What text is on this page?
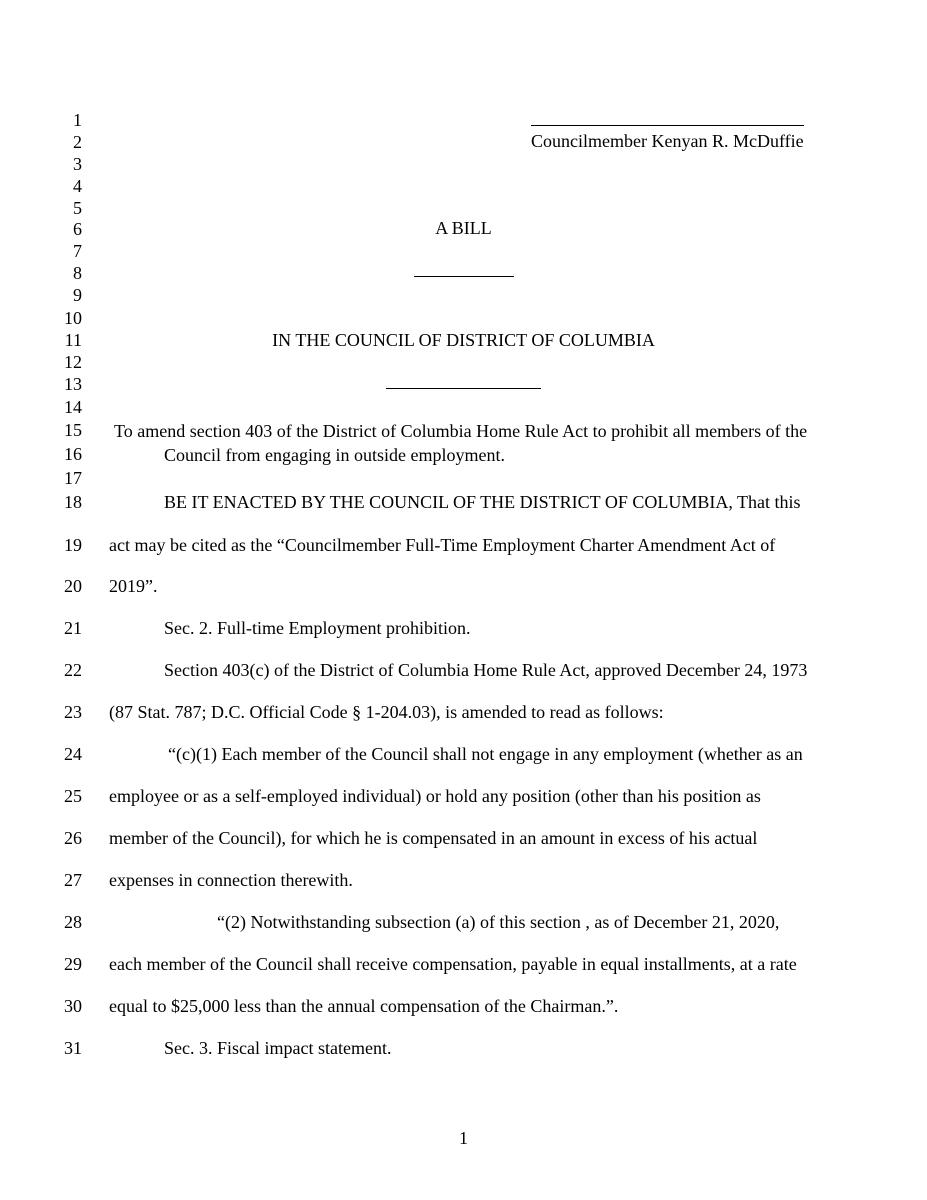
1
2
3
4
5
6
7
8
9
10
11
12
13
14
15
16
17
18
19
20
21
22
23
24
25
26
27
28
29
30
31
Councilmember Kenyan R. McDuffie
A BILL
IN THE COUNCIL OF DISTRICT OF COLUMBIA
To amend section 403 of the District of Columbia Home Rule Act to prohibit all members of the
Council from engaging in outside employment.
BE IT ENACTED BY THE COUNCIL OF THE DISTRICT OF COLUMBIA, That this
act may be cited as the “Councilmember Full-Time Employment Charter Amendment Act of
2019”.
Sec. 2. Full-time Employment prohibition.
Section 403(c) of the District of Columbia Home Rule Act, approved December 24, 1973
(87 Stat. 787; D.C. Official Code § 1-204.03), is amended to read as follows:
“(c)(1) Each member of the Council shall not engage in any employment (whether as an
employee or as a self-employed individual) or hold any position (other than his position as
member of the Council), for which he is compensated in an amount in excess of his actual
expenses in connection therewith.
“(2) Notwithstanding subsection (a) of this section , as of December 21, 2020,
each member of the Council shall receive compensation, payable in equal installments, at a rate
equal to $25,000 less than the annual compensation of the Chairman.”.
Sec. 3. Fiscal impact statement.
1
